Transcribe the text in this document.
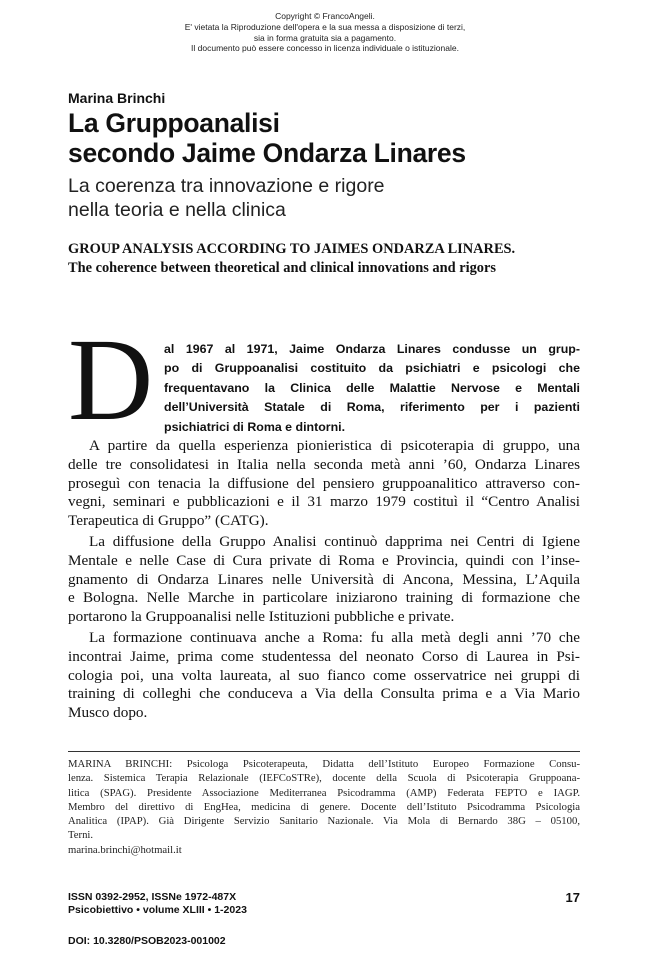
Copyright © FrancoAngeli.
E' vietata la Riproduzione dell'opera e la sua messa a disposizione di terzi,
sia in forma gratuita sia a pagamento.
Il documento può essere concesso in licenza individuale o istituzionale.
Marina Brinchi
La Gruppoanalisi
secondo Jaime Ondarza Linares
La coerenza tra innovazione e rigore
nella teoria e nella clinica
GROUP ANALYSIS ACCORDING TO JAIMES ONDARZA LINARES.
The coherence between theoretical and clinical innovations and rigors
D al 1967 al 1971, Jaime Ondarza Linares condusse un grup-
po di Gruppoanalisi costituito da psichiatri e psicologi che
frequentavano la Clinica delle Malattie Nervose e Mentali
dell’Università Statale di Roma, riferimento per i pazienti
psichiatrici di Roma e dintorni.
A partire da quella esperienza pionieristica di psicoterapia di gruppo, una
delle tre consolidatesi in Italia nella seconda metà anni ’60, Ondarza Linares
proseguì con tenacia la diffusione del pensiero gruppoanalitico attraverso con-
vegni, seminari e pubblicazioni e il 31 marzo 1979 costituì il “Centro Analisi
Terapeutica di Gruppo” (CATG).
La diffusione della Gruppo Analisi continuò dapprima nei Centri di Igiene
Mentale e nelle Case di Cura private di Roma e Provincia, quindi con l’inse-
gnamento di Ondarza Linares nelle Università di Ancona, Messina, L’Aquila
e Bologna. Nelle Marche in particolare iniziarono training di formazione che
portarono la Gruppoanalisi nelle Istituzioni pubbliche e private.
La formazione continuava anche a Roma: fu alla metà degli anni ’70 che
incontrai Jaime, prima come studentessa del neonato Corso di Laurea in Psi-
cologia poi, una volta laureata, al suo fianco come osservatrice nei gruppi di
training di colleghi che conduceva a Via della Consulta prima e a Via Mario
Musco dopo.
MARINA BRINCHI: Psicologa Psicoterapeuta, Didatta dell’Istituto Europeo Formazione Consu-
lenza. Sistemica Terapia Relazionale (IEFCoSTRe), docente della Scuola di Psicoterapia Gruppoana-
litica (SPAG). Presidente Associazione Mediterranea Psicodramma (AMP) Federata FEPTO e IAGP.
Membro del direttivo di EngHea, medicina di genere. Docente dell’Istituto Psicodramma Psicologia
Analitica (IPAP). Già Dirigente Servizio Sanitario Nazionale. Via Mola di Bernardo 38G – 05100,
Terni.
marina.brinchi@hotmail.it
ISSN 0392-2952, ISSNe 1972-487X
Psicobiettivo • volume XLIII • 1-2023
17
DOI: 10.3280/PSOB2023-001002
